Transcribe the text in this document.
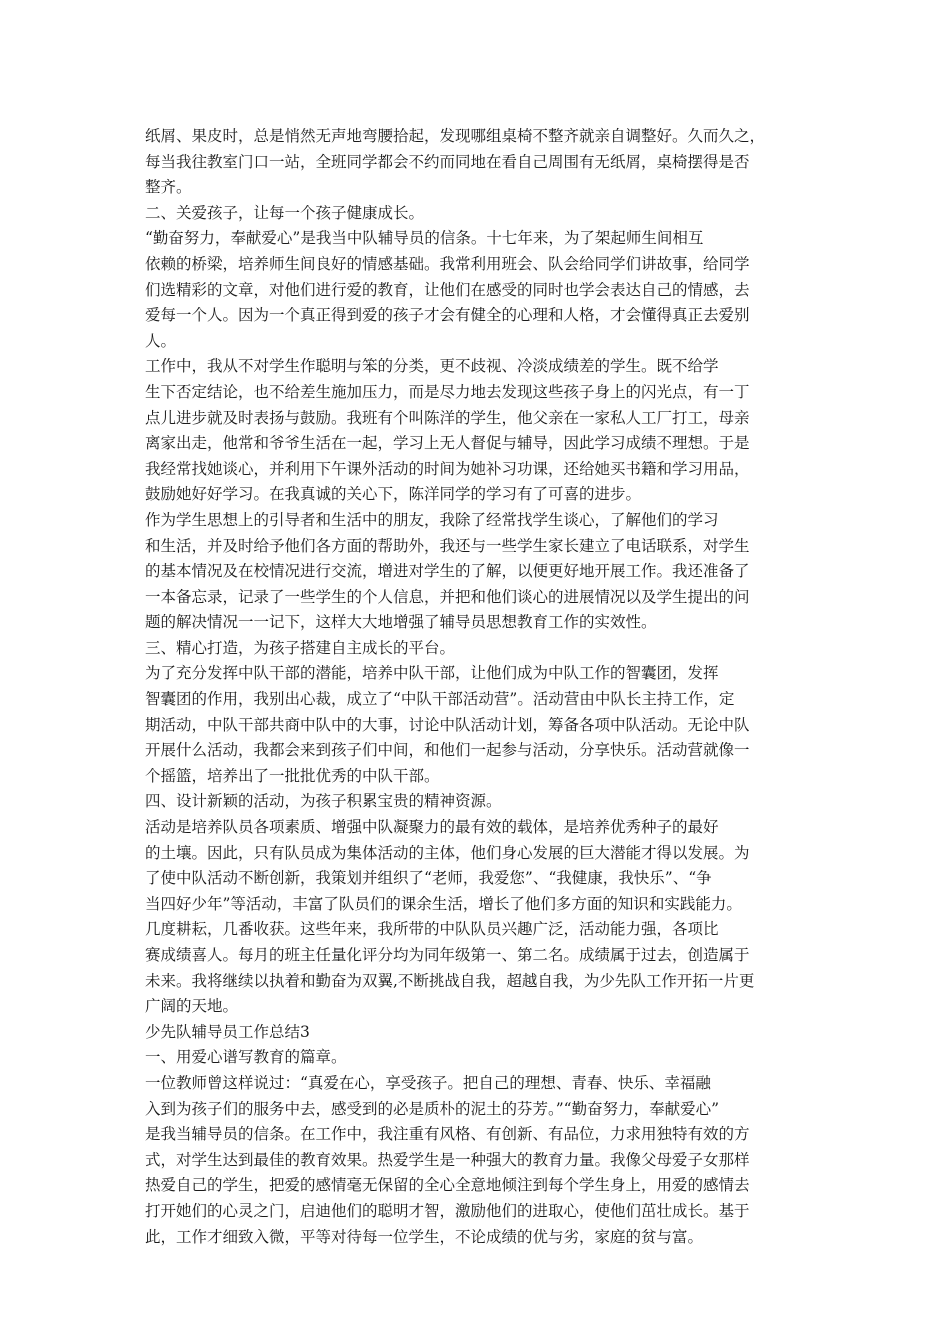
纸屑、果皮时，总是悄然无声地弯腰拾起，发现哪组桌椅不整齐就亲自调整好。久而久之，
每当我往教室门口一站，全班同学都会不约而同地在看自己周围有无纸屑，桌椅摆得是否
整齐。
二、关爱孩子，让每一个孩子健康成长。
“勤奋努力，奉献爱心”是我当中队辅导员的信条。十七年来，为了架起师生间相互
依赖的桥梁，培养师生间良好的情感基础。我常利用班会、队会给同学们讲故事，给同学
们选精彩的文章，对他们进行爱的教育，让他们在感受的同时也学会表达自己的情感，去
爱每一个人。因为一个真正得到爱的孩子才会有健全的心理和人格，才会懂得真正去爱别
人。
工作中，我从不对学生作聪明与笨的分类，更不歧视、冷淡成绩差的学生。既不给学
生下否定结论，也不给差生施加压力，而是尽力地去发现这些孩子身上的闪光点，有一丁
点儿进步就及时表扬与鼓励。我班有个叫陈洋的学生，他父亲在一家私人工厂打工，母亲
离家出走，他常和爷爷生活在一起，学习上无人督促与辅导，因此学习成绩不理想。于是
我经常找她谈心，并利用下午课外活动的时间为她补习功课，还给她买书籍和学习用品，
鼓励她好好学习。在我真诚的关心下，陈洋同学的学习有了可喜的进步。
作为学生思想上的引导者和生活中的朋友，我除了经常找学生谈心，了解他们的学习
和生活，并及时给予他们各方面的帮助外，我还与一些学生家长建立了电话联系，对学生
的基本情况及在校情况进行交流，增进对学生的了解，以便更好地开展工作。我还准备了
一本备忘录，记录了一些学生的个人信息，并把和他们谈心的进展情况以及学生提出的问
题的解决情况一一记下，这样大大地增强了辅导员思想教育工作的实效性。
三、精心打造，为孩子搭建自主成长的平台。
为了充分发挥中队干部的潜能，培养中队干部，让他们成为中队工作的智囊团，发挥
智囊团的作用，我别出心裁，成立了“中队干部活动营”。活动营由中队长主持工作，定
期活动，中队干部共商中队中的大事，讨论中队活动计划，筹备各项中队活动。无论中队
开展什么活动，我都会来到孩子们中间，和他们一起参与活动，分享快乐。活动营就像一
个摇篮，培养出了一批批优秀的中队干部。
四、设计新颖的活动，为孩子积累宝贵的精神资源。
活动是培养队员各项素质、增强中队凝聚力的最有效的载体，是培养优秀种子的最好
的土壤。因此，只有队员成为集体活动的主体，他们身心发展的巨大潜能才得以发展。为
了使中队活动不断创新，我策划并组织了“老师，我爱您”、“我健康，我快乐”、“争
当四好少年”等活动，丰富了队员们的课余生活，增长了他们多方面的知识和实践能力。
几度耕耘，几番收获。这些年来，我所带的中队队员兴趣广泛，活动能力强，各项比
赛成绩喜人。每月的班主任量化评分均为同年级第一、第二名。成绩属于过去，创造属于
未来。我将继续以执着和勤奋为双翼,不断挑战自我，超越自我，为少先队工作开拓一片更
广阔的天地。
少先队辅导员工作总结3
一、用爱心谱写教育的篇章。
一位教师曾这样说过：“真爱在心，享受孩子。把自己的理想、青春、快乐、幸福融
入到为孩子们的服务中去，感受到的必是质朴的泥土的芬芳。”“勤奋努力，奉献爱心”
是我当辅导员的信条。在工作中，我注重有风格、有创新、有品位，力求用独特有效的方
式，对学生达到最佳的教育效果。热爱学生是一种强大的教育力量。我像父母爱子女那样
热爱自己的学生，把爱的感情毫无保留的全心全意地倾注到每个学生身上，用爱的感情去
打开她们的心灵之门，启迪他们的聪明才智，激励他们的进取心，使他们茁壮成长。基于
此，工作才细致入微，平等对待每一位学生，不论成绩的优与劣，家庭的贫与富。
